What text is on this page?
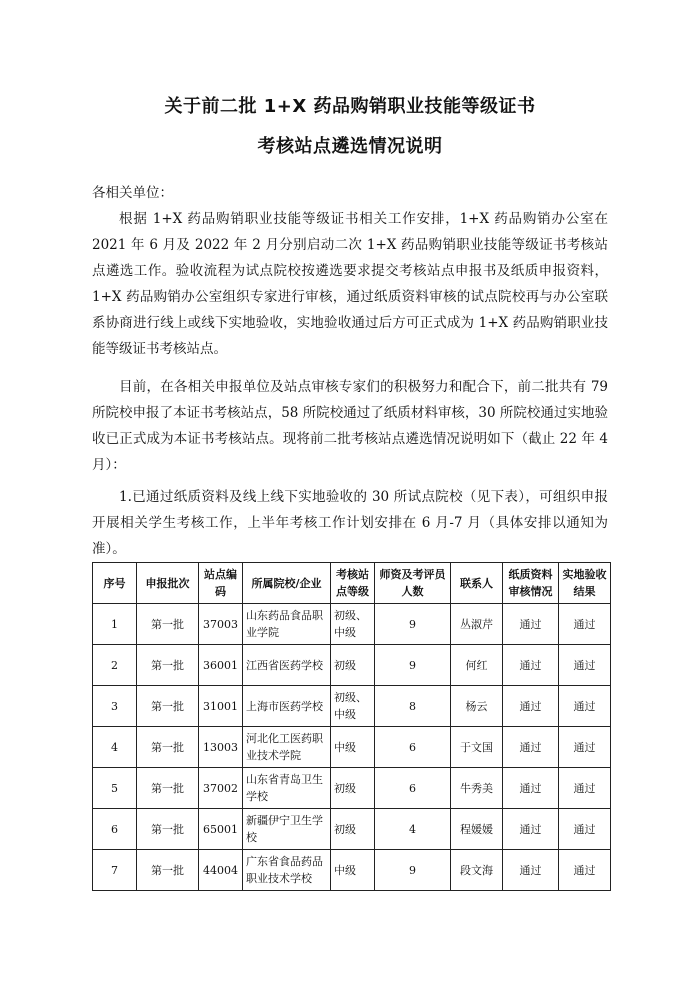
关于前二批 1+X 药品购销职业技能等级证书
考核站点遴选情况说明
各相关单位：
根据 1+X 药品购销职业技能等级证书相关工作安排，1+X 药品购销办公室在 2021 年 6 月及 2022 年 2 月分别启动二次 1+X 药品购销职业技能等级证书考核站点遴选工作。验收流程为试点院校按遴选要求提交考核站点申报书及纸质申报资料，1+X 药品购销办公室组织专家进行审核，通过纸质资料审核的试点院校再与办公室联系协商进行线上或线下实地验收，实地验收通过后方可正式成为 1+X 药品购销职业技能等级证书考核站点。
目前，在各相关申报单位及站点审核专家们的积极努力和配合下，前二批共有 79 所院校申报了本证书考核站点，58 所院校通过了纸质材料审核，30 所院校通过实地验收已正式成为本证书考核站点。现将前二批考核站点遴选情况说明如下（截止 22 年 4 月）：
1.已通过纸质资料及线上线下实地验收的 30 所试点院校（见下表），可组织申报开展相关学生考核工作，上半年考核工作计划安排在 6 月-7 月（具体安排以通知为准）。
序号	申报批次	站点编码	所属院校/企业	考核站点等级	师资及考评员人数	联系人	纸质资料审核情况	实地验收结果
1	第一批	37003	山东药品食品职业学院	初级、中级	9	丛淑芹	通过	通过
2	第一批	36001	江西省医药学校	初级	9	何红	通过	通过
3	第一批	31001	上海市医药学校	初级、中级	8	杨云	通过	通过
4	第一批	13003	河北化工医药职业技术学院	中级	6	于文国	通过	通过
5	第一批	37002	山东省青岛卫生学校	初级	6	牛秀美	通过	通过
6	第一批	65001	新疆伊宁卫生学校	初级	4	程媛媛	通过	通过
7	第一批	44004	广东省食品药品职业技术学校	中级	9	段文海	通过	通过
